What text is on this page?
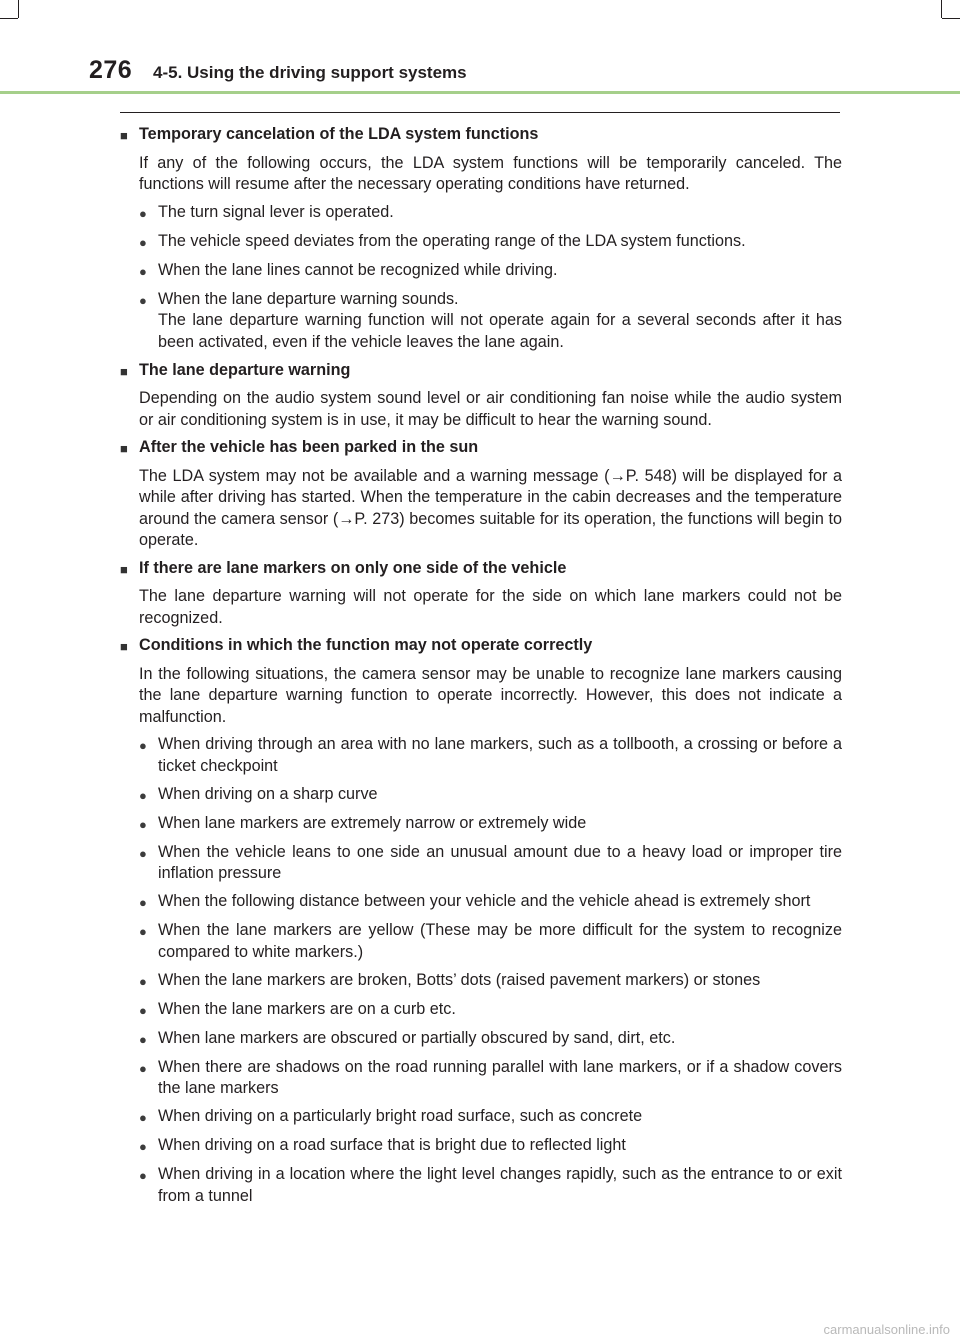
276 4-5. Using the driving support systems
■ Temporary cancelation of the LDA system functions
If any of the following occurs, the LDA system functions will be temporarily canceled. The functions will resume after the necessary operating conditions have returned.
● The turn signal lever is operated.
● The vehicle speed deviates from the operating range of the LDA system functions.
● When the lane lines cannot be recognized while driving.
● When the lane departure warning sounds.
The lane departure warning function will not operate again for a several seconds after it has been activated, even if the vehicle leaves the lane again.
■ The lane departure warning
Depending on the audio system sound level or air conditioning fan noise while the audio system or air conditioning system is in use, it may be difficult to hear the warning sound.
■ After the vehicle has been parked in the sun
The LDA system may not be available and a warning message (→P. 548) will be displayed for a while after driving has started. When the temperature in the cabin decreases and the temperature around the camera sensor (→P. 273) becomes suitable for its operation, the functions will begin to operate.
■ If there are lane markers on only one side of the vehicle
The lane departure warning will not operate for the side on which lane markers could not be recognized.
■ Conditions in which the function may not operate correctly
In the following situations, the camera sensor may be unable to recognize lane markers causing the lane departure warning function to operate incorrectly. However, this does not indicate a malfunction.
● When driving through an area with no lane markers, such as a tollbooth, a crossing or before a ticket checkpoint
● When driving on a sharp curve
● When lane markers are extremely narrow or extremely wide
● When the vehicle leans to one side an unusual amount due to a heavy load or improper tire inflation pressure
● When the following distance between your vehicle and the vehicle ahead is extremely short
● When the lane markers are yellow (These may be more difficult for the system to recognize compared to white markers.)
● When the lane markers are broken, Botts’ dots (raised pavement markers) or stones
● When the lane markers are on a curb etc.
● When lane markers are obscured or partially obscured by sand, dirt, etc.
● When there are shadows on the road running parallel with lane markers, or if a shadow covers the lane markers
● When driving on a particularly bright road surface, such as concrete
● When driving on a road surface that is bright due to reflected light
● When driving in a location where the light level changes rapidly, such as the entrance to or exit from a tunnel
carmanualsonline.info
